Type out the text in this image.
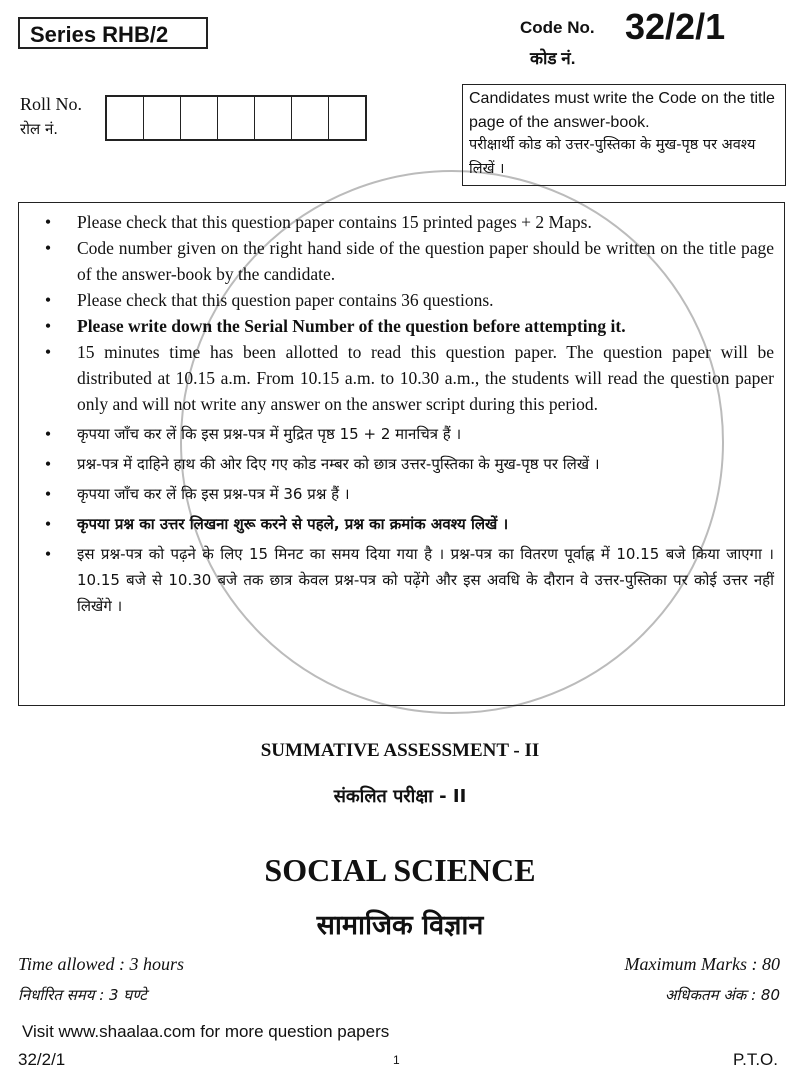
Series RHB/2	Code No. 32/2/1
कोड नं.
Roll No.
रोल नं.
Candidates must write the Code on the title page of the answer-book.
परीक्षार्थी कोड को उत्तर-पुस्तिका के मुख-पृष्ठ पर अवश्य लिखें ।
•	Please check that this question paper contains 15 printed pages + 2 Maps.
•	Code number given on the right hand side of the question paper should be written on the title page of the answer-book by the candidate.
•	Please check that this question paper contains 36 questions.
•	Please write down the Serial Number of the question before attempting it.
•	15 minutes time has been allotted to read this question paper. The question paper will be distributed at 10.15 a.m. From 10.15 a.m. to 10.30 a.m., the students will read the question paper only and will not write any answer on the answer script during this period.
•	कृपया जाँच कर लें कि इस प्रश्न-पत्र में मुद्रित पृष्ठ 15 + 2 मानचित्र हैं ।
•	प्रश्न-पत्र में दाहिने हाथ की ओर दिए गए कोड नम्बर को छात्र उत्तर-पुस्तिका के मुख-पृष्ठ पर लिखें ।
•	कृपया जाँच कर लें कि इस प्रश्न-पत्र में 36 प्रश्न हैं ।
•	कृपया प्रश्न का उत्तर लिखना शुरू करने से पहले, प्रश्न का क्रमांक अवश्य लिखें ।
•	इस प्रश्न-पत्र को पढ़ने के लिए 15 मिनट का समय दिया गया है । प्रश्न-पत्र का वितरण पूर्वाह्न में 10.15 बजे किया जाएगा । 10.15 बजे से 10.30 बजे तक छात्र केवल प्रश्न-पत्र को पढ़ेंगे और इस अवधि के दौरान वे उत्तर-पुस्तिका पर कोई उत्तर नहीं लिखेंगे ।
SUMMATIVE ASSESSMENT - II
संकलित परीक्षा - II
SOCIAL SCIENCE
सामाजिक विज्ञान
Time allowed : 3 hours
निर्धारित समय : 3 घण्टे
Maximum Marks : 80
अधिकतम अंक : 80
Visit www.shaalaa.com for more question papers
32/2/1	1	P.T.O.
